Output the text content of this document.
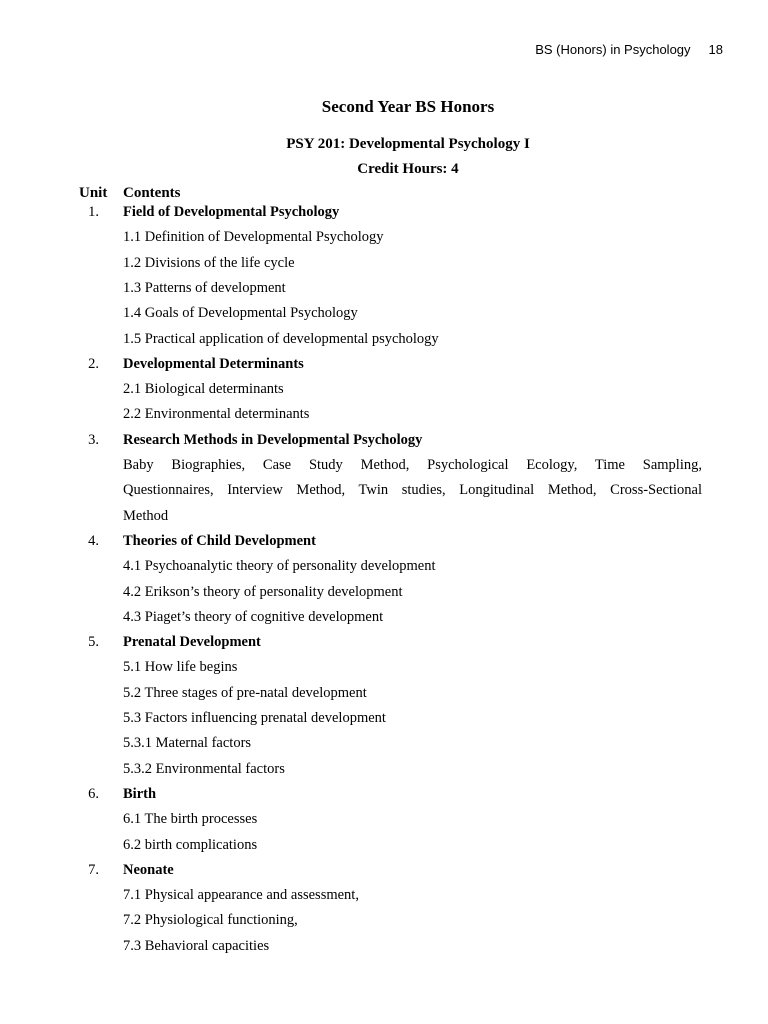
BS (Honors) in Psychology 18
Second Year BS Honors
PSY 201: Developmental Psychology I
Credit Hours: 4
Unit Contents
1. Field of Developmental Psychology
1.1 Definition of Developmental Psychology
1.2 Divisions of the life cycle
1.3 Patterns of development
1.4 Goals of Developmental Psychology
1.5 Practical application of developmental psychology
2. Developmental Determinants
2.1 Biological determinants
2.2 Environmental determinants
3. Research Methods in Developmental Psychology
Baby Biographies, Case Study Method, Psychological Ecology, Time Sampling,
Questionnaires, Interview Method, Twin studies, Longitudinal Method, Cross-Sectional
Method
4. Theories of Child Development
4.1 Psychoanalytic theory of personality development
4.2 Erikson’s theory of personality development
4.3 Piaget’s theory of cognitive development
5. Prenatal Development
5.1 How life begins
5.2 Three stages of pre-natal development
5.3 Factors influencing prenatal development
5.3.1 Maternal factors
5.3.2 Environmental factors
6. Birth
6.1 The birth processes
6.2 birth complications
7. Neonate
7.1 Physical appearance and assessment,
7.2 Physiological functioning,
7.3 Behavioral capacities
